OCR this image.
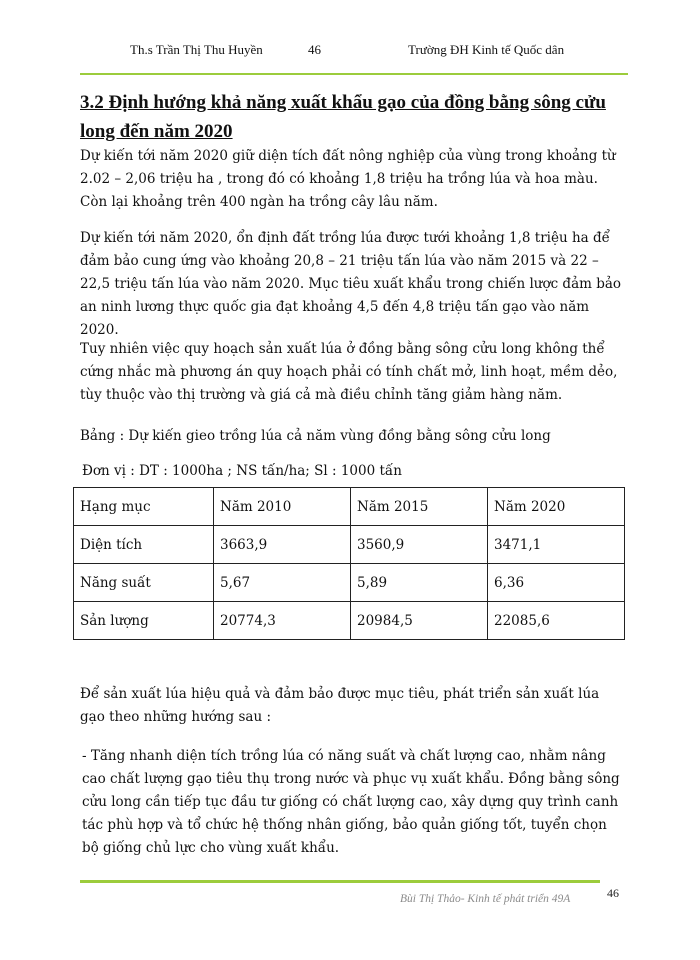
Th.s Trần Thị Thu Huyền	46	Trường ĐH Kinh tế Quốc dân
3.2 Định hướng khả năng xuất khẩu gạo của đồng bằng sông cửu long đến năm 2020

Dự kiến tới năm 2020 giữ diện tích đất nông nghiệp của vùng trong khoảng từ 2.02 – 2,06 triệu ha , trong đó có khoảng 1,8 triệu ha trồng lúa và hoa màu. Còn lại khoảng trên 400 ngàn ha trồng cây lâu năm.

Dự kiến tới năm 2020, ổn định đất trồng lúa được tưới khoảng 1,8 triệu ha để đảm bảo cung ứng vào khoảng 20,8 – 21 triệu tấn lúa vào năm 2015 và 22 – 22,5 triệu tấn lúa vào năm 2020. Mục tiêu xuất khẩu trong chiến lược đảm bảo an ninh lương thực quốc gia đạt khoảng 4,5 đến 4,8 triệu tấn gạo vào năm 2020.

Tuy nhiên việc quy hoạch sản xuất lúa ở đồng bằng sông cửu long không thể cứng nhắc mà phương án quy hoạch phải có tính chất mở, linh hoạt, mềm dẻo, tùy thuộc vào thị trường và giá cả mà điều chỉnh tăng giảm hàng năm.

Bảng : Dự kiến gieo trồng lúa cả năm vùng đồng bằng sông cửu long

Đơn vị : DT : 1000ha ; NS tấn/ha; Sl : 1000 tấn

Hạng mục	Năm 2010	Năm 2015	Năm 2020
Diện tích	3663,9	3560,9	3471,1
Năng suất	5,67	5,89	6,36
Sản lượng	20774,3	20984,5	22085,6

Để sản xuất lúa hiệu quả và đảm bảo được mục tiêu, phát triển sản xuất lúa gạo theo những hướng sau :

- Tăng nhanh diện tích trồng lúa có năng suất và chất lượng cao, nhằm nâng cao chất lượng gạo tiêu thụ trong nước và phục vụ xuất khẩu. Đồng bằng sông cửu long cần tiếp tục đầu tư giống có chất lượng cao, xây dựng quy trình canh tác phù hợp và tổ chức hệ thống nhân giống, bảo quản giống tốt, tuyển chọn bộ giống chủ lực cho vùng xuất khẩu.

Bùi Thị Thảo- Kinh tế phát triển 49A	46
